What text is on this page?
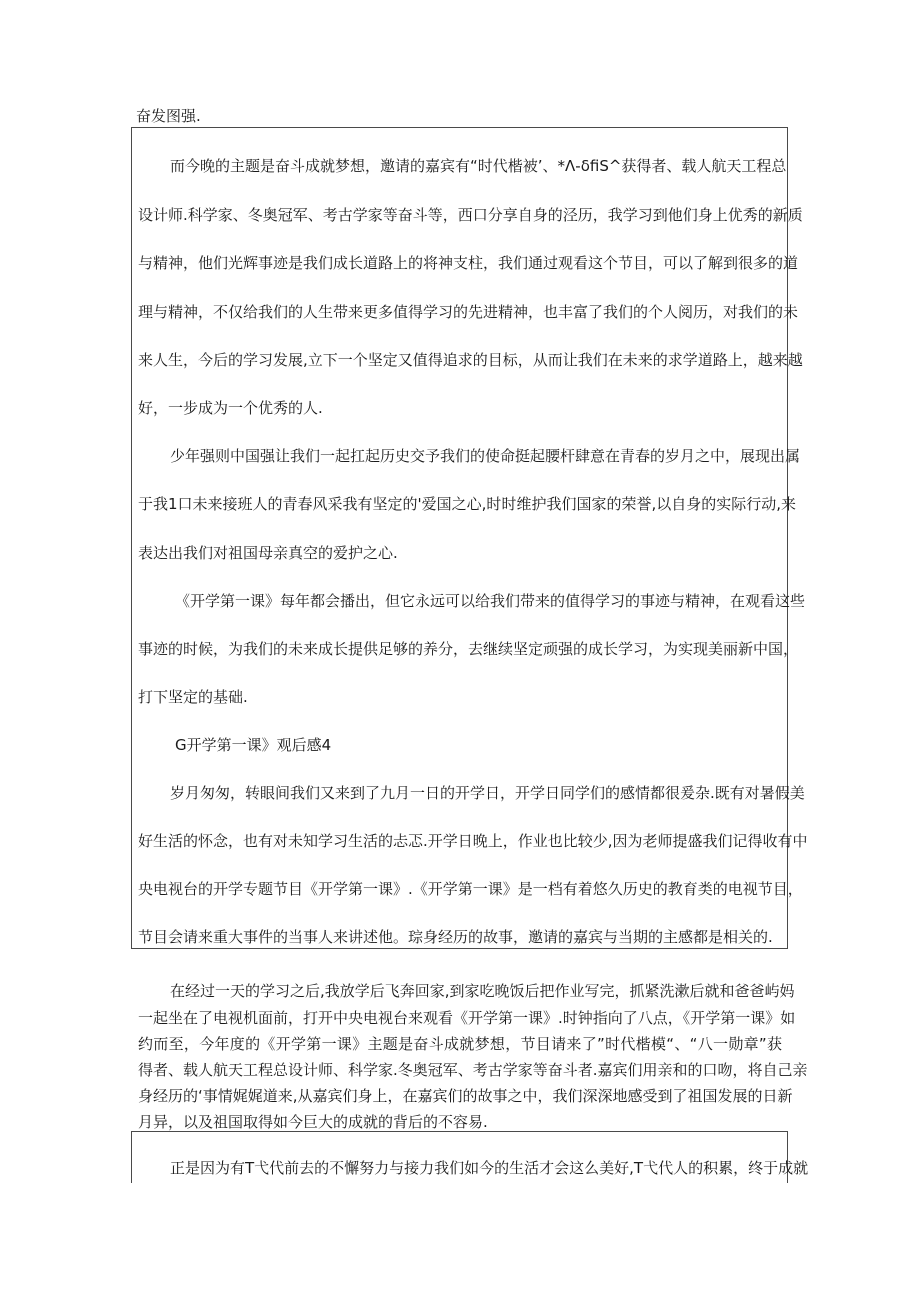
奋发图强.
而今晚的主题是奋斗成就梦想，邀请的嘉宾有“时代楷被’、*Λ-δfiS^获得者、载人航天工程总
设计师.科学家、冬奥冠军、考古学家等奋斗等，西口分享自身的泾历，我学习到他们身上优秀的新质
与精神，他们光辉事迹是我们成长道路上的将神支柱，我们通过观看这个节目，可以了解到很多的道
理与精神，不仅给我们的人生带来更多值得学习的先进精神，也丰富了我们的个人阅历，对我们的未
来人生，今后的学习发展,立下一个坚定又值得追求的目标，从而让我们在未来的求学道路上，越来越
好，一步成为一个优秀的人.
少年强则中国强让我们一起扛起历史交予我们的使命挺起腰杆肆意在青春的岁月之中，展现出属
于我1口未来接班人的青春风采我有坚定的'爱国之心,时时维护我们国家的荣誉,以自身的实际行动,来
表达出我们对祖国母亲真空的爱护之心.
《开学第一课》每年都会播出，但它永远可以给我们带来的值得学习的事迹与精神，在观看这些
事迹的时候，为我们的未来成长提供足够的养分，去继续坚定顽强的成长学习，为实现美丽新中国，
打下坚定的基础.
G开学第一课》观后感4
岁月匆匆，转眼间我们又来到了九月一日的开学日，开学日同学们的感情都很爰杂.既有对暑假美
好生活的怀念，也有对未知学习生活的忐忑.开学日晚上，作业也比较少,因为老师提盛我们记得收有中
央电视台的开学专题节目《开学第一课》.《开学第一课》是一档有着悠久历史的教育类的电视节目，
节目会请来重大事件的当事人来讲述他。琮身经历的故事，邀请的嘉宾与当期的主感都是相关的.
在经过一天的学习之后,我放学后飞奔回家,到家吃晚饭后把作业写完，抓紧洗漱后就和爸爸屿妈
一起坐在了电视机面前，打开中央电视台来观看《开学第一课》.时钟指向了八点，《开学第一课》如
约而至，今年度的《开学第一课》主题是奋斗成就梦想，节目请来了”时代楷模“、“八一勋章”获
得者、载人航天工程总设计师、科学家.冬奥冠军、考古学家等奋斗者.嘉宾们用亲和的口吻，将自己亲
身经历的‘事情娓娓道来,从嘉宾们身上，在嘉宾们的故事之中，我们深深地感受到了祖国发展的日新
月异，以及祖国取得如今巨大的成就的背后的不容易.
正是因为有T弋代前去的不懈努力与接力我们如今的生活才会这么美好,T弋代人的积累，终于成就
